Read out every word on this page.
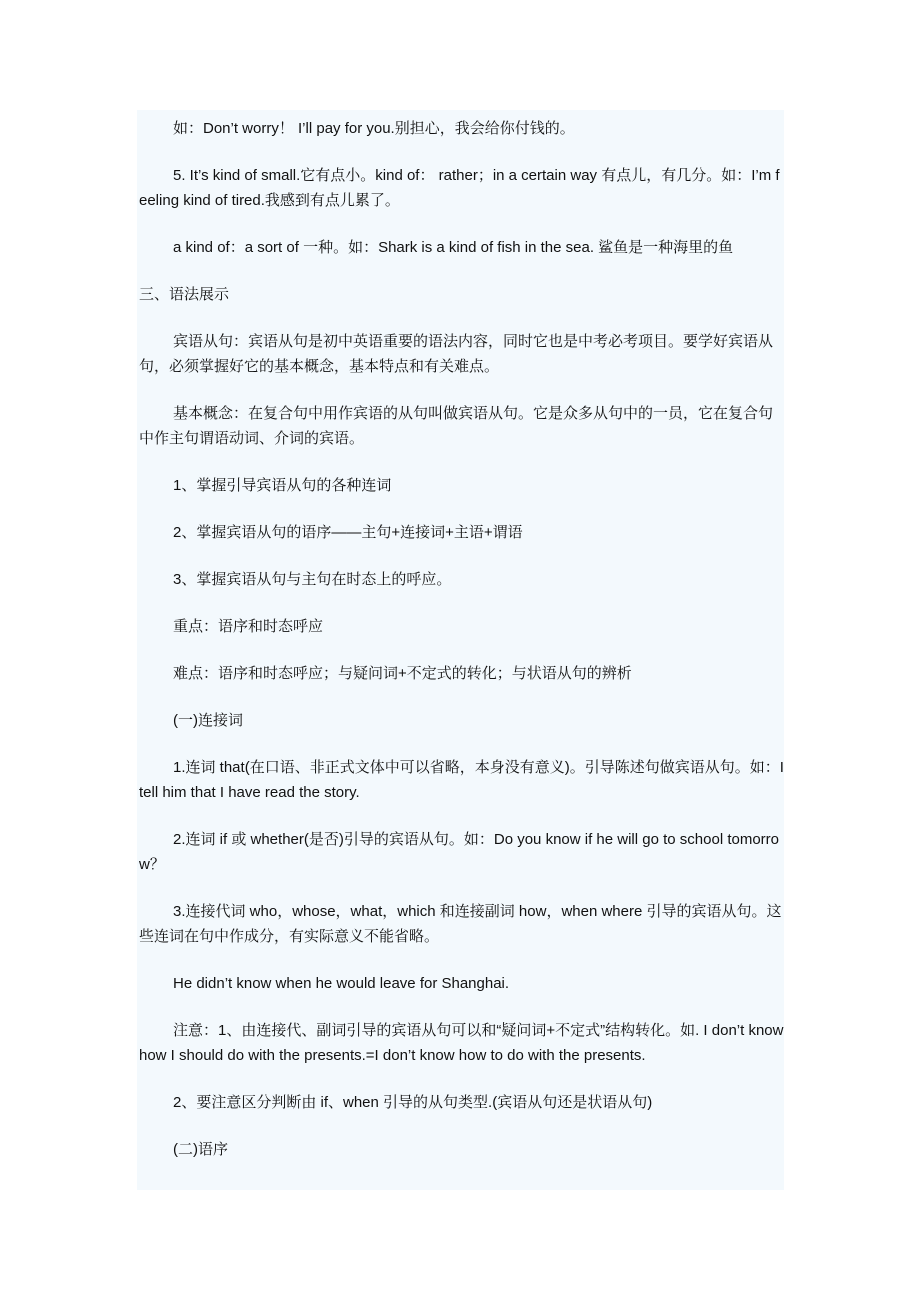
如：Don’t worry！ I’ll pay for you.别担心，我会给你付钱的。

5. It’s kind of small.它有点小。kind of： rather；in a certain way 有点儿，有几分。如：I’m feeling kind of tired.我感到有点儿累了。

a kind of：a sort of 一种。如：Shark is a kind of fish in the sea. 鲨鱼是一种海里的鱼

三、语法展示

宾语从句：宾语从句是初中英语重要的语法内容，同时它也是中考必考项目。要学好宾语从句，必须掌握好它的基本概念，基本特点和有关难点。

基本概念：在复合句中用作宾语的从句叫做宾语从句。它是众多从句中的一员，它在复合句中作主句谓语动词、介词的宾语。

1、掌握引导宾语从句的各种连词

2、掌握宾语从句的语序——主句+连接词+主语+谓语

3、掌握宾语从句与主句在时态上的呼应。

重点：语序和时态呼应

难点：语序和时态呼应；与疑问词+不定式的转化；与状语从句的辨析

(一)连接词

1.连词 that(在口语、非正式文体中可以省略，本身没有意义)。引导陈述句做宾语从句。如：I tell him that I have read the story.

2.连词 if 或 whether(是否)引导的宾语从句。如：Do you know if he will go to school tomorrow？

3.连接代词 who，whose，what，which 和连接副词 how，when where 引导的宾语从句。这些连词在句中作成分，有实际意义不能省略。

He didn’t know when he would leave for Shanghai.

注意：1、由连接代、副词引导的宾语从句可以和“疑问词+不定式”结构转化。如. I don’t know how I should do with the presents.=I don’t know how to do with the presents.

2、要注意区分判断由 if、when 引导的从句类型.(宾语从句还是状语从句)

(二)语序
